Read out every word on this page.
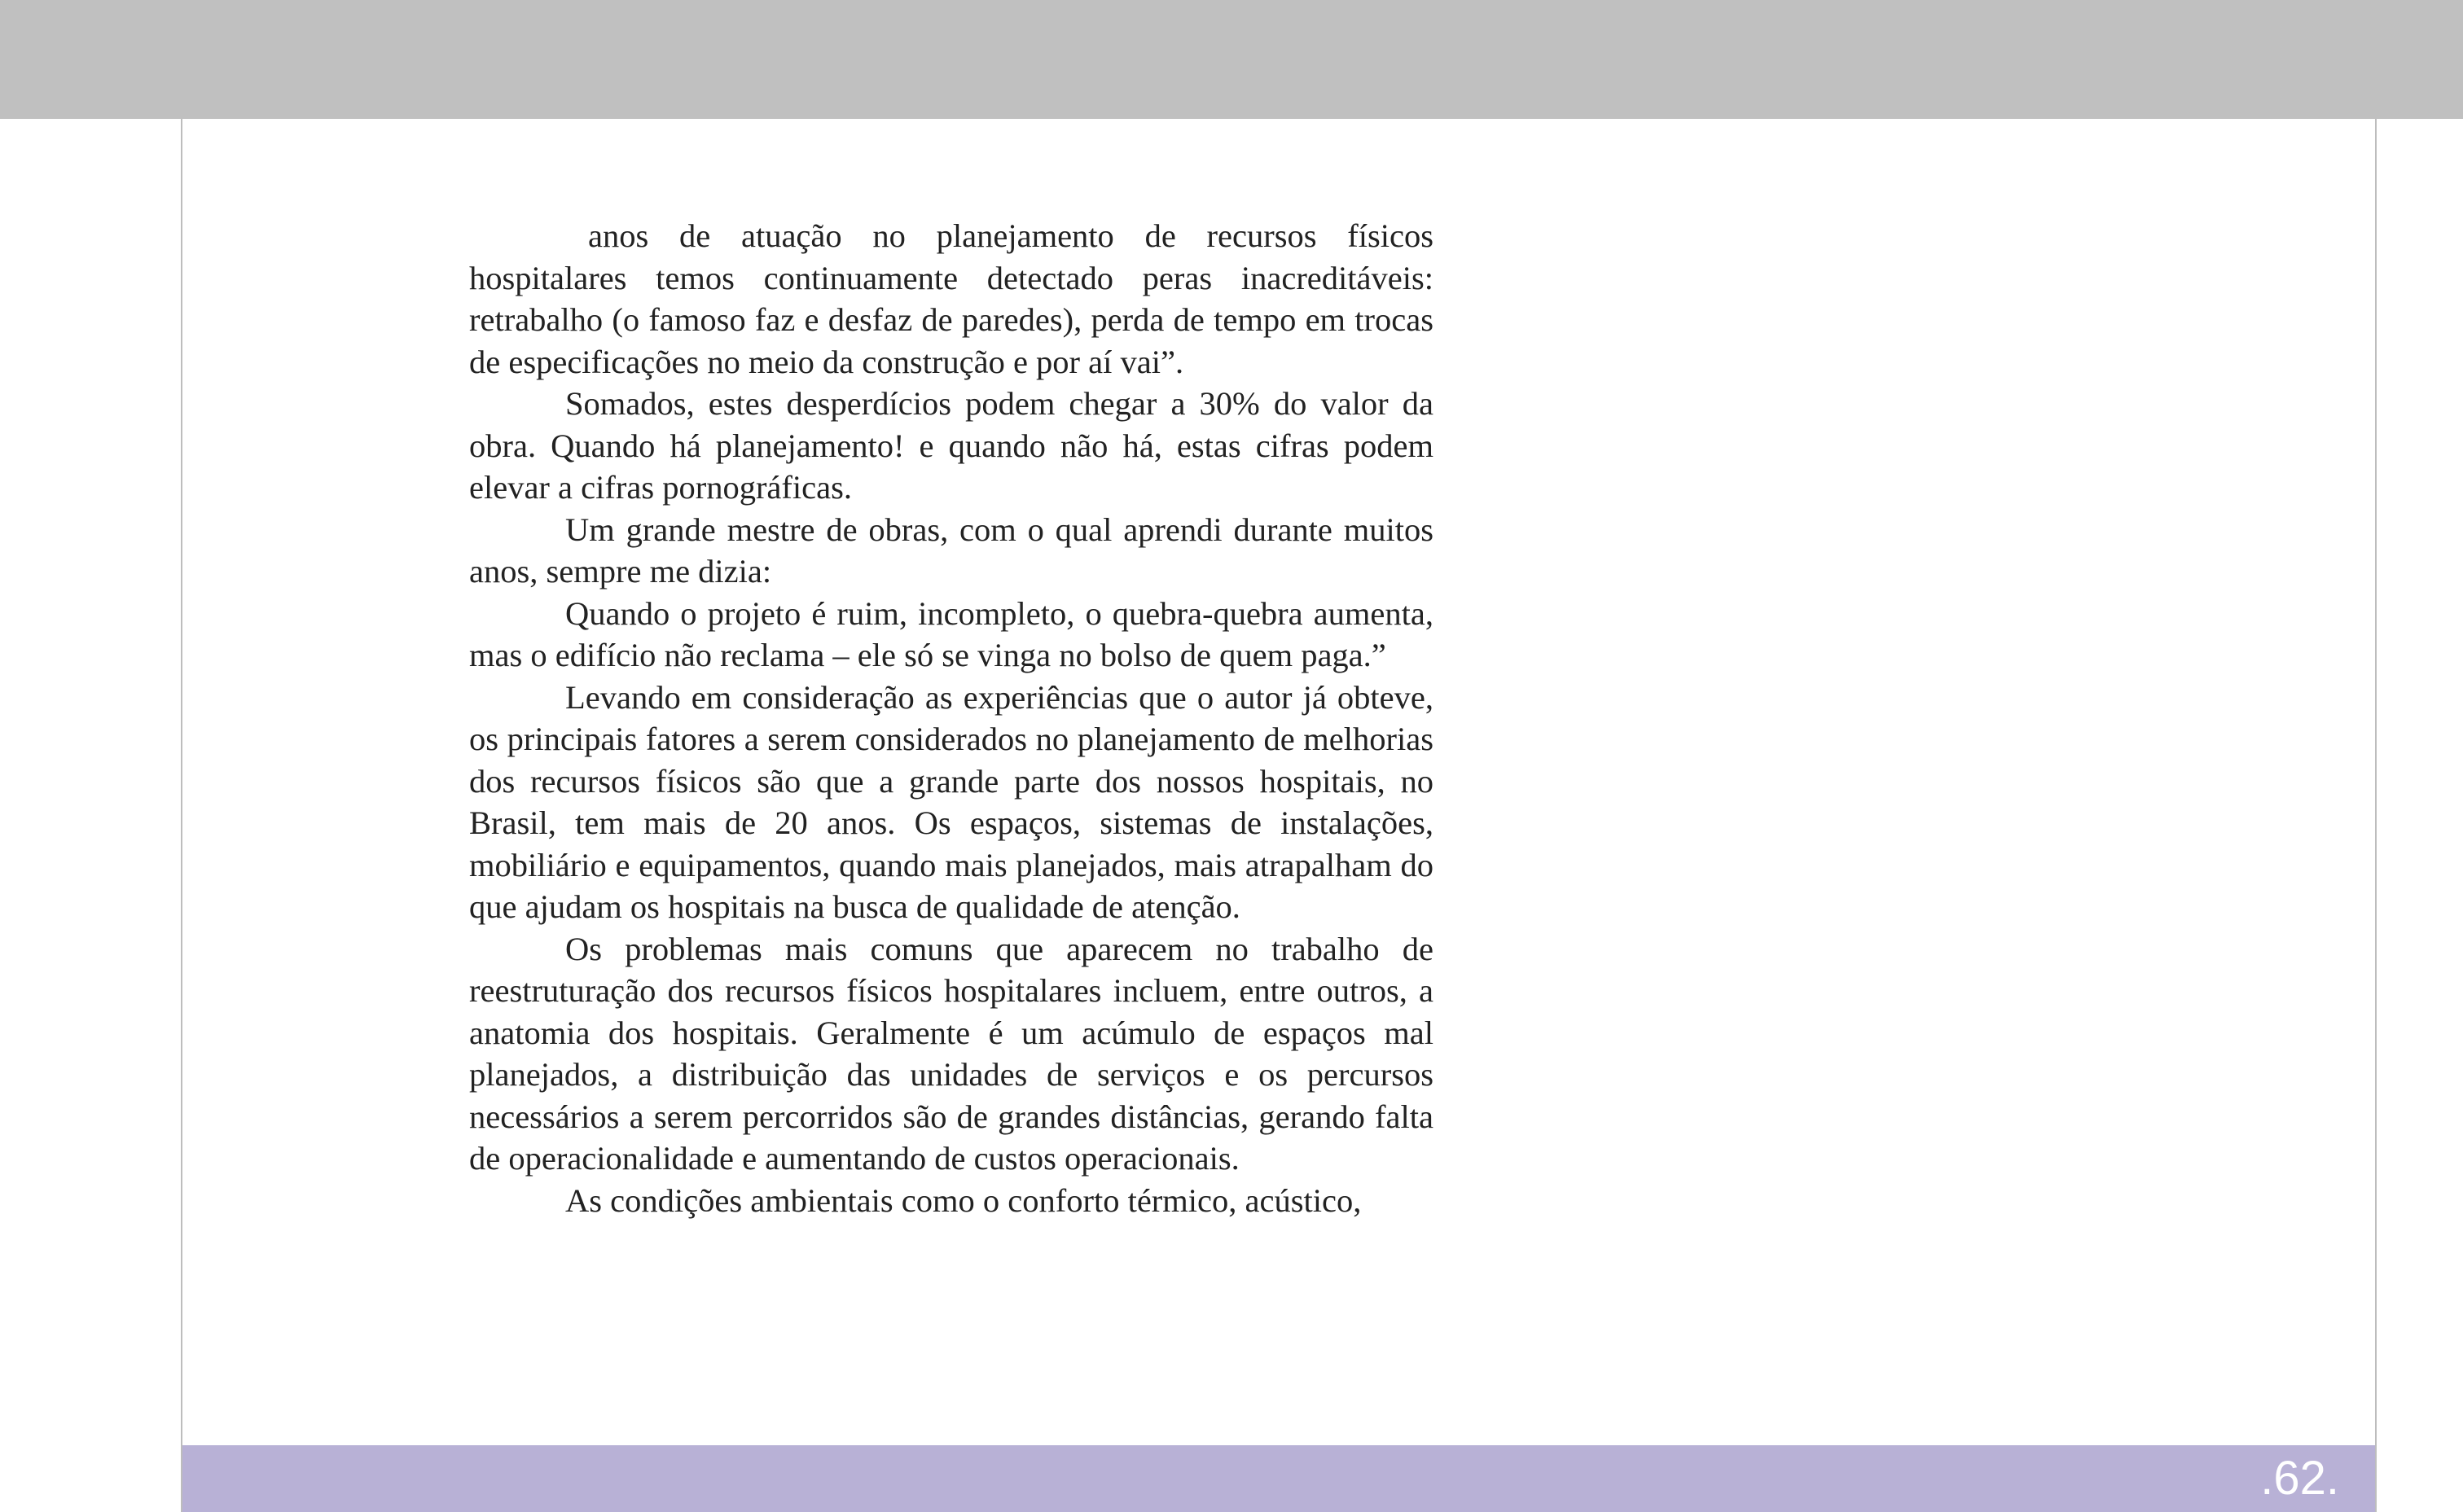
anos de atuação no planejamento de recursos físicos hospitalares temos continuamente detectado peras inacreditáveis: retrabalho (o famoso faz e desfaz de paredes), perda de tempo em trocas de especificações no meio da construção e por aí vai”.

Somados, estes desperdícios podem chegar a 30% do valor da obra. Quando há planejamento! e quando não há, estas cifras podem elevar a cifras pornográficas.

Um grande mestre de obras, com o qual aprendi durante muitos anos, sempre me dizia:

Quando o projeto é ruim, incompleto, o quebra-quebra aumenta, mas o edifício não reclama – ele só se vinga no bolso de quem paga.”

Levando em consideração as experiências que o autor já obteve, os principais fatores a serem considerados no planejamento de melhorias dos recursos físicos são que a grande parte dos nossos hospitais, no Brasil, tem mais de 20 anos. Os espaços, sistemas de instalações, mobiliário e equipamentos, quando mais planejados, mais atrapalham do que ajudam os hospitais na busca de qualidade de atenção.

Os problemas mais comuns que aparecem no trabalho de reestruturação dos recursos físicos hospitalares incluem, entre outros, a anatomia dos hospitais. Geralmente é um acúmulo de espaços mal planejados, a distribuição das unidades de serviços e os percursos necessários a serem percorridos são de grandes distâncias, gerando falta de operacionalidade e aumentando de custos operacionais.

As condições ambientais como o conforto térmico, acústico,

.62.
